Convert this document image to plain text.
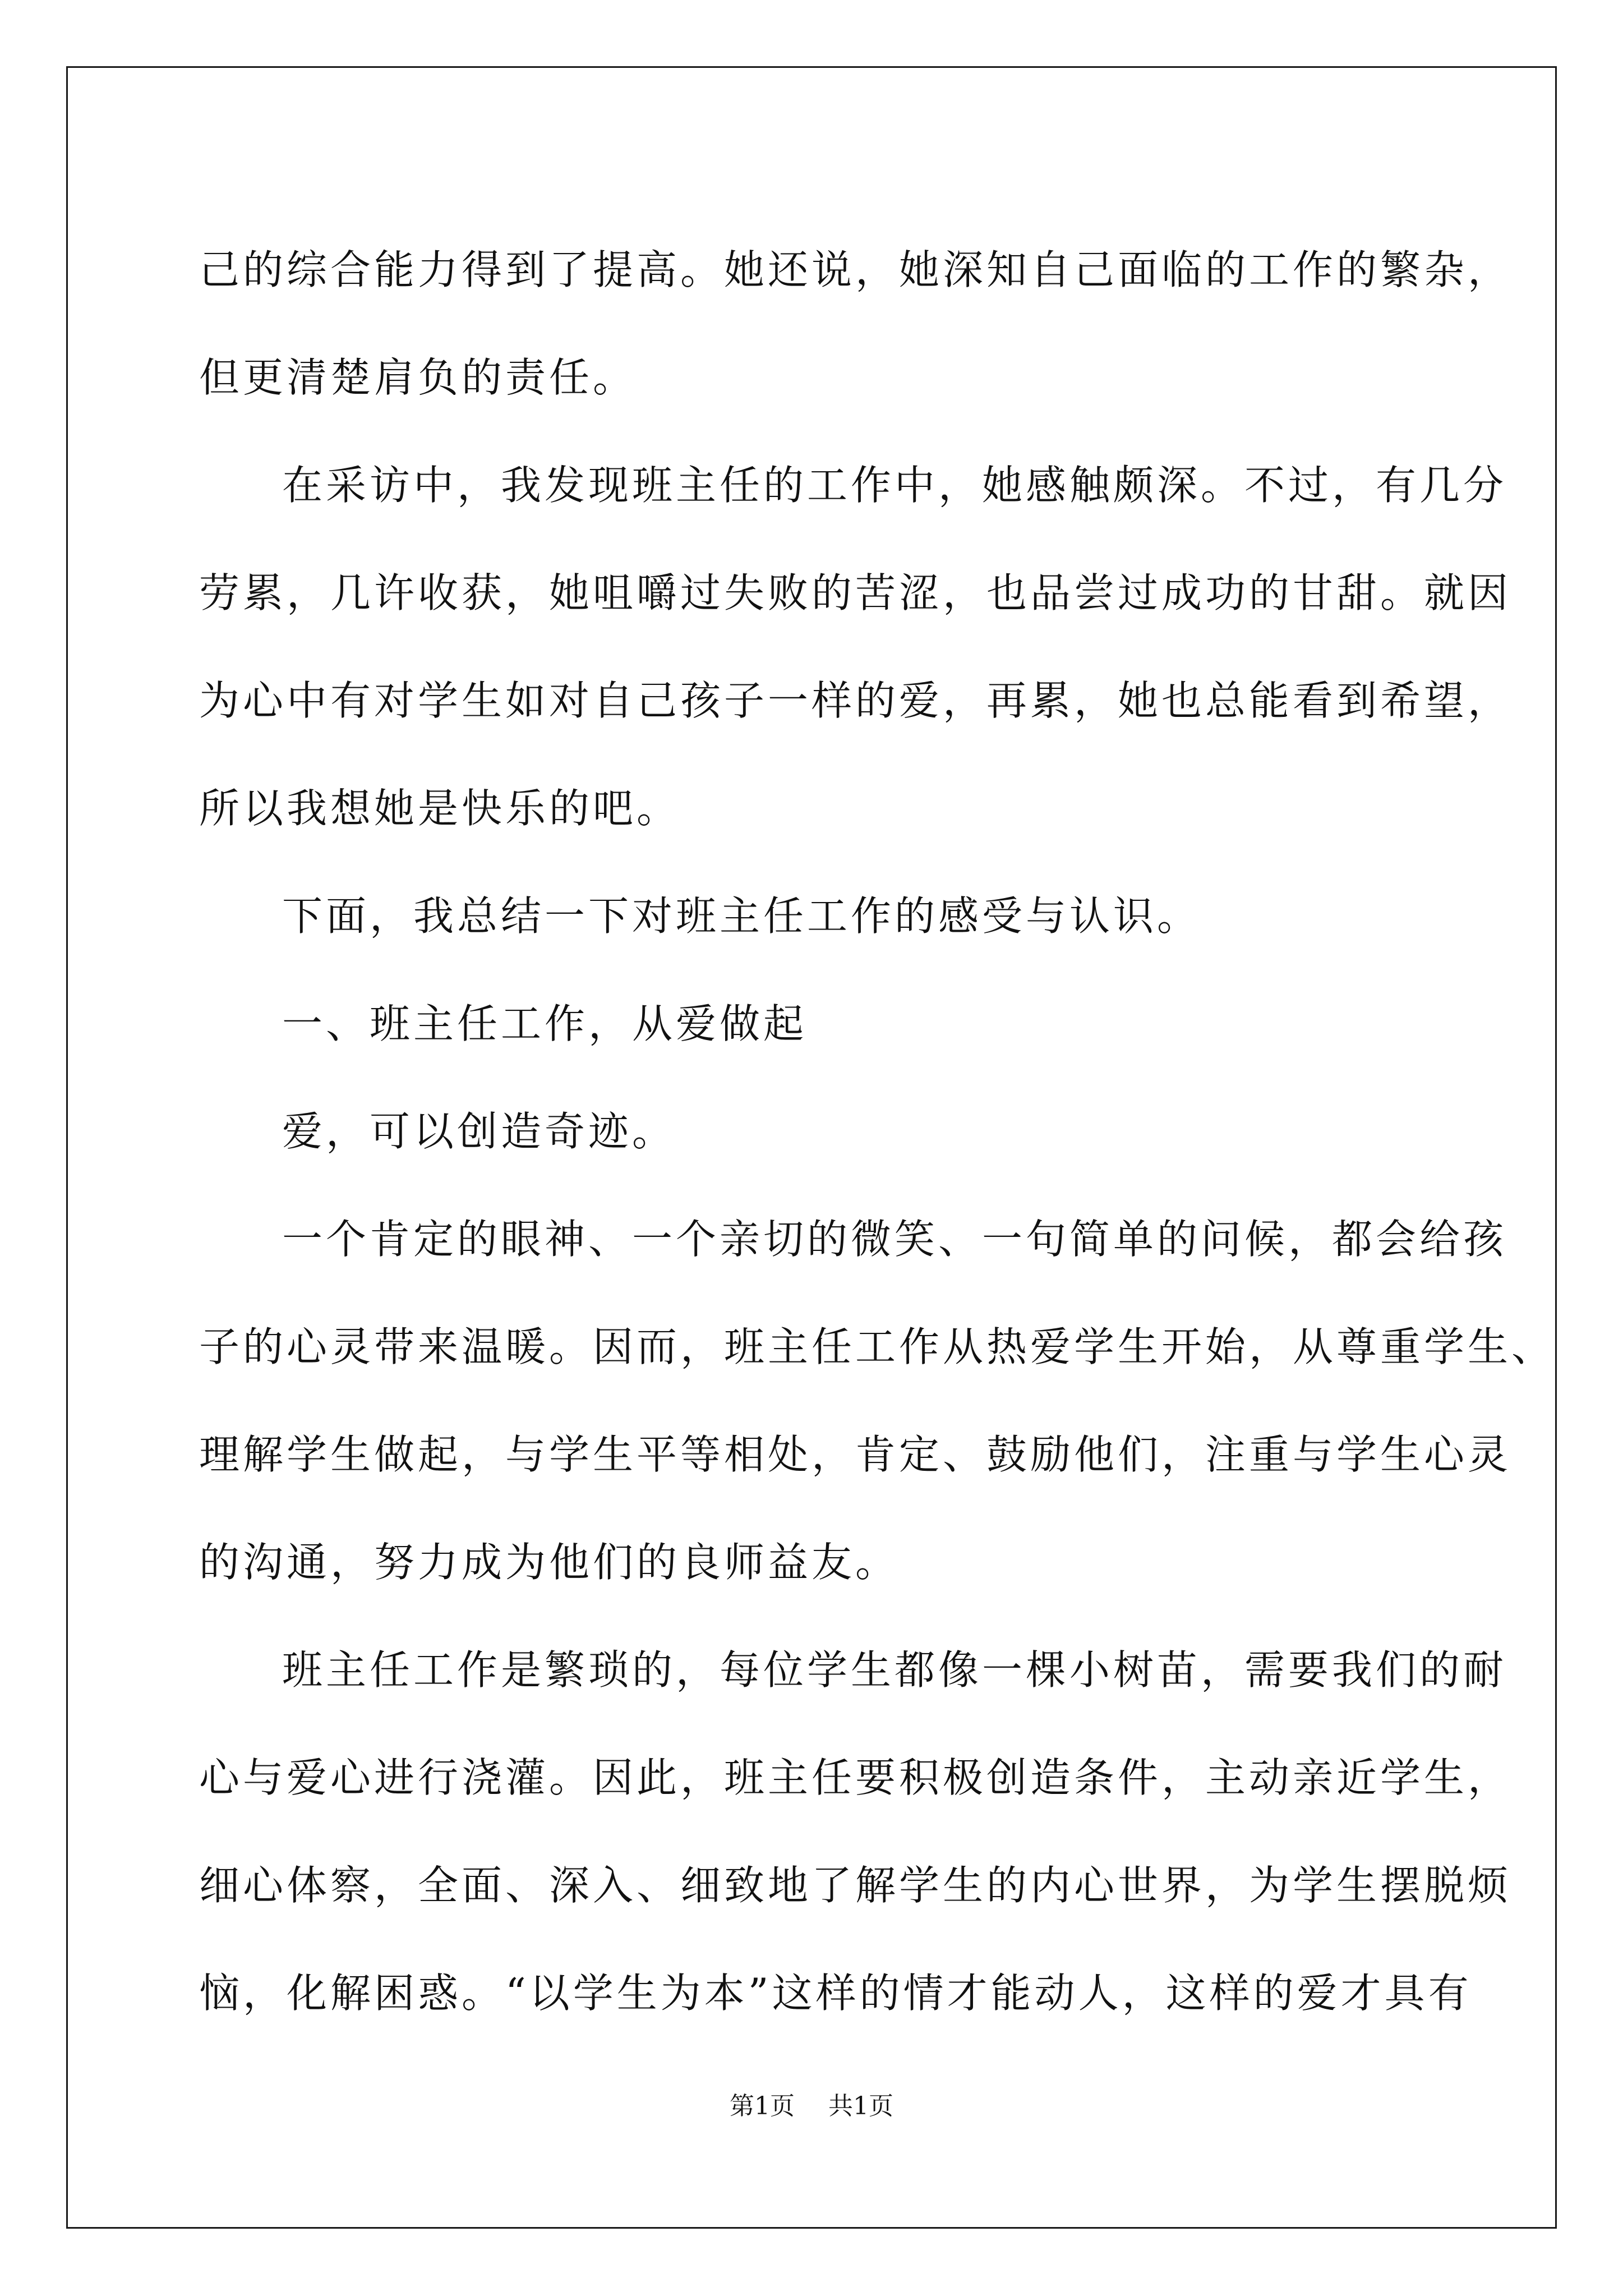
己的综合能力得到了提高。她还说，她深知自己面临的工作的繁杂，
但更清楚肩负的责任。
在采访中，我发现班主任的工作中，她感触颇深。不过，有几分
劳累，几许收获，她咀嚼过失败的苦涩，也品尝过成功的甘甜。就因
为心中有对学生如对自己孩子一样的爱，再累，她也总能看到希望，
所以我想她是快乐的吧。
下面，我总结一下对班主任工作的感受与认识。
一、班主任工作，从爱做起
爱，可以创造奇迹。
一个肯定的眼神、一个亲切的微笑、一句简单的问候，都会给孩
子的心灵带来温暖。因而，班主任工作从热爱学生开始，从尊重学生、
理解学生做起，与学生平等相处，肯定、鼓励他们，注重与学生心灵
的沟通，努力成为他们的良师益友。
班主任工作是繁琐的，每位学生都像一棵小树苗，需要我们的耐
心与爱心进行浇灌。因此，班主任要积极创造条件，主动亲近学生，
细心体察，全面、深入、细致地了解学生的内心世界，为学生摆脱烦
恼，化解困惑。“以学生为本”这样的情才能动人，这样的爱才具有
第1页 共1页
